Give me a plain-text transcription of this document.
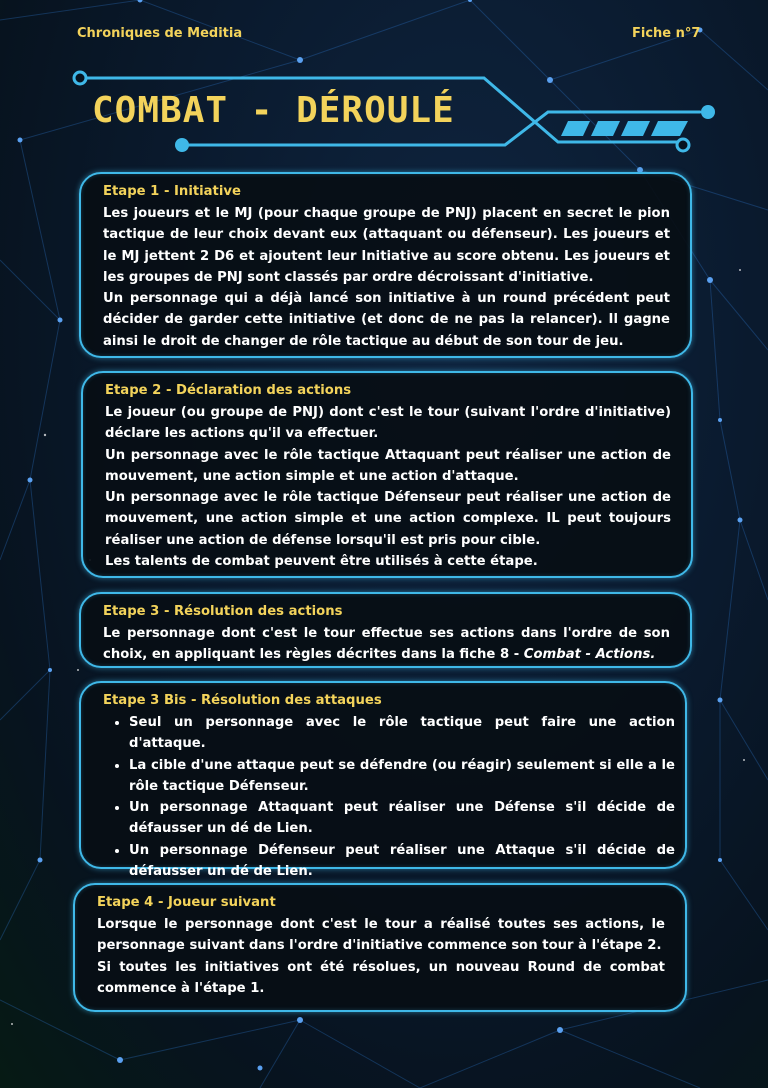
Chroniques de Meditia	Fiche n°7
COMBAT - DÉROULÉ
Etape 1 - Initiative

Les joueurs et le MJ (pour chaque groupe de PNJ) placent en secret le pion tactique de leur choix devant eux (attaquant ou défenseur). Les joueurs et le MJ jettent 2 D6 et ajoutent leur Initiative au score obtenu. Les joueurs et les groupes de PNJ sont classés par ordre décroissant d'initiative.

Un personnage qui a déjà lancé son initiative à un round précédent peut décider de garder cette initiative (et donc de ne pas la relancer). Il gagne ainsi le droit de changer de rôle tactique au début de son tour de jeu.

Etape 2 - Déclaration des actions

Le joueur (ou groupe de PNJ) dont c'est le tour (suivant l'ordre d'initiative) déclare les actions qu'il va effectuer.

Un personnage avec le rôle tactique Attaquant peut réaliser une action de mouvement, une action simple et une action d'attaque.

Un personnage avec le rôle tactique Défenseur peut réaliser une action de mouvement, une action simple et une action complexe. IL peut toujours réaliser une action de défense lorsqu'il est pris pour cible.

Les talents de combat peuvent être utilisés à cette étape.

Etape 3 - Résolution des actions

Le personnage dont c'est le tour effectue ses actions dans l'ordre de son choix, en appliquant les règles décrites dans la fiche 8 - Combat - Actions.

Etape 3 Bis - Résolution des attaques
• Seul un personnage avec le rôle tactique peut faire une action d'attaque.
• La cible d'une attaque peut se défendre (ou réagir) seulement si elle a le rôle tactique Défenseur.
• Un personnage Attaquant peut réaliser une Défense s'il décide de défausser un dé de Lien.
• Un personnage Défenseur peut réaliser une Attaque s'il décide de défausser un dé de Lien.
Etape 4 - Joueur suivant

Lorsque le personnage dont c'est le tour a réalisé toutes ses actions, le personnage suivant dans l'ordre d'initiative commence son tour à l'étape 2.

Si toutes les initiatives ont été résolues, un nouveau Round de combat commence à l'étape 1.
